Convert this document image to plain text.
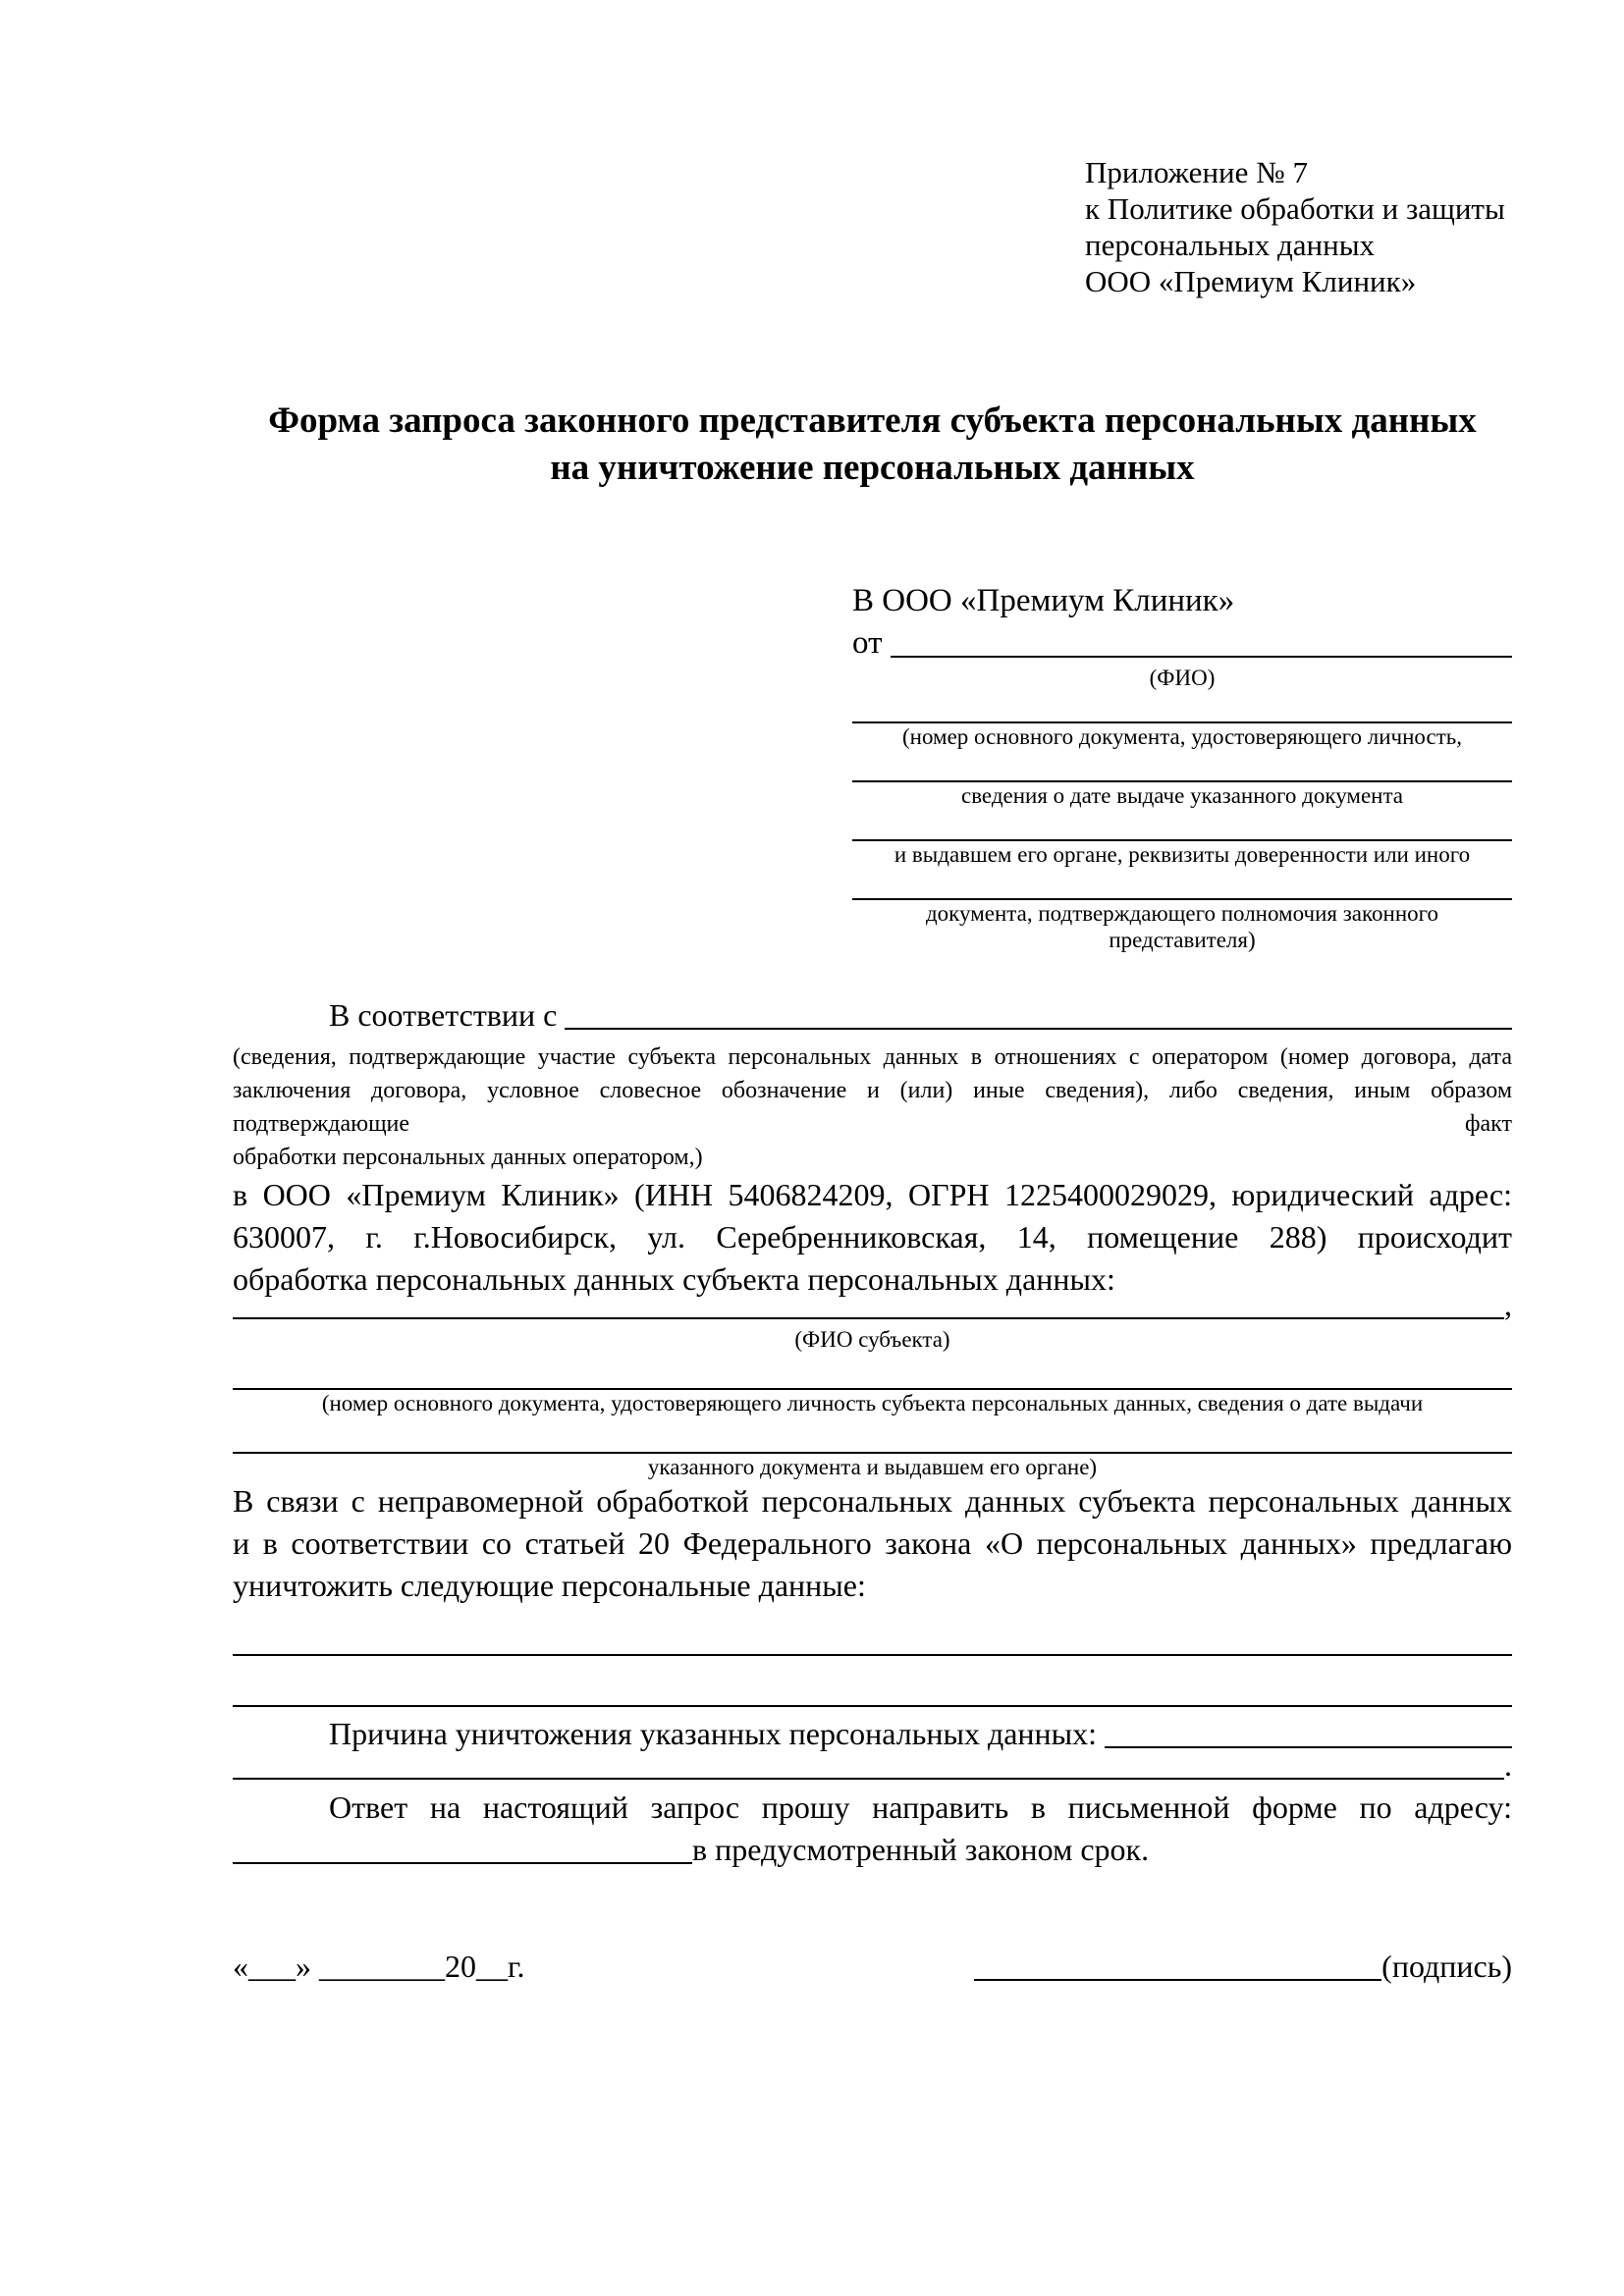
Приложение № 7
к Политике обработки и защиты
персональных данных
ООО «Премиум Клиник»
Форма запроса законного представителя субъекта персональных данных
на уничтожение персональных данных
В ООО «Премиум Клиник»
от
(ФИО)
(номер основного документа, удостоверяющего личность,
сведения о дате выдаче указанного документа
и выдавшем его органе, реквизиты доверенности или иного
документа, подтверждающего полномочия законного представителя)
В соответствии с
(сведения, подтверждающие участие субъекта персональных данных в отношениях с оператором (номер договора, дата
заключения договора, условное словесное обозначение и (или) иные сведения), либо сведения, иным образом подтверждающие факт
обработки персональных данных оператором,)
в ООО «Премиум Клиник» (ИНН 5406824209, ОГРН 1225400029029, юридический адрес:
630007, г. г.Новосибирск, ул. Серебренниковская, 14, помещение 288) происходит
обработка персональных данных субъекта персональных данных:
,
(ФИО субъекта)
(номер основного документа, удостоверяющего личность субъекта персональных данных, сведения о дате выдачи
указанного документа и выдавшем его органе)
В связи с неправомерной обработкой персональных данных субъекта персональных данных
и в соответствии со статьей 20 Федерального закона «О персональных данных» предлагаю
уничтожить следующие персональные данные:
Причина уничтожения указанных персональных данных:
.
Ответ на настоящий запрос прошу направить в письменной форме по адресу:
в предусмотренный законом срок.
«___» ________20__г.	(подпись)
